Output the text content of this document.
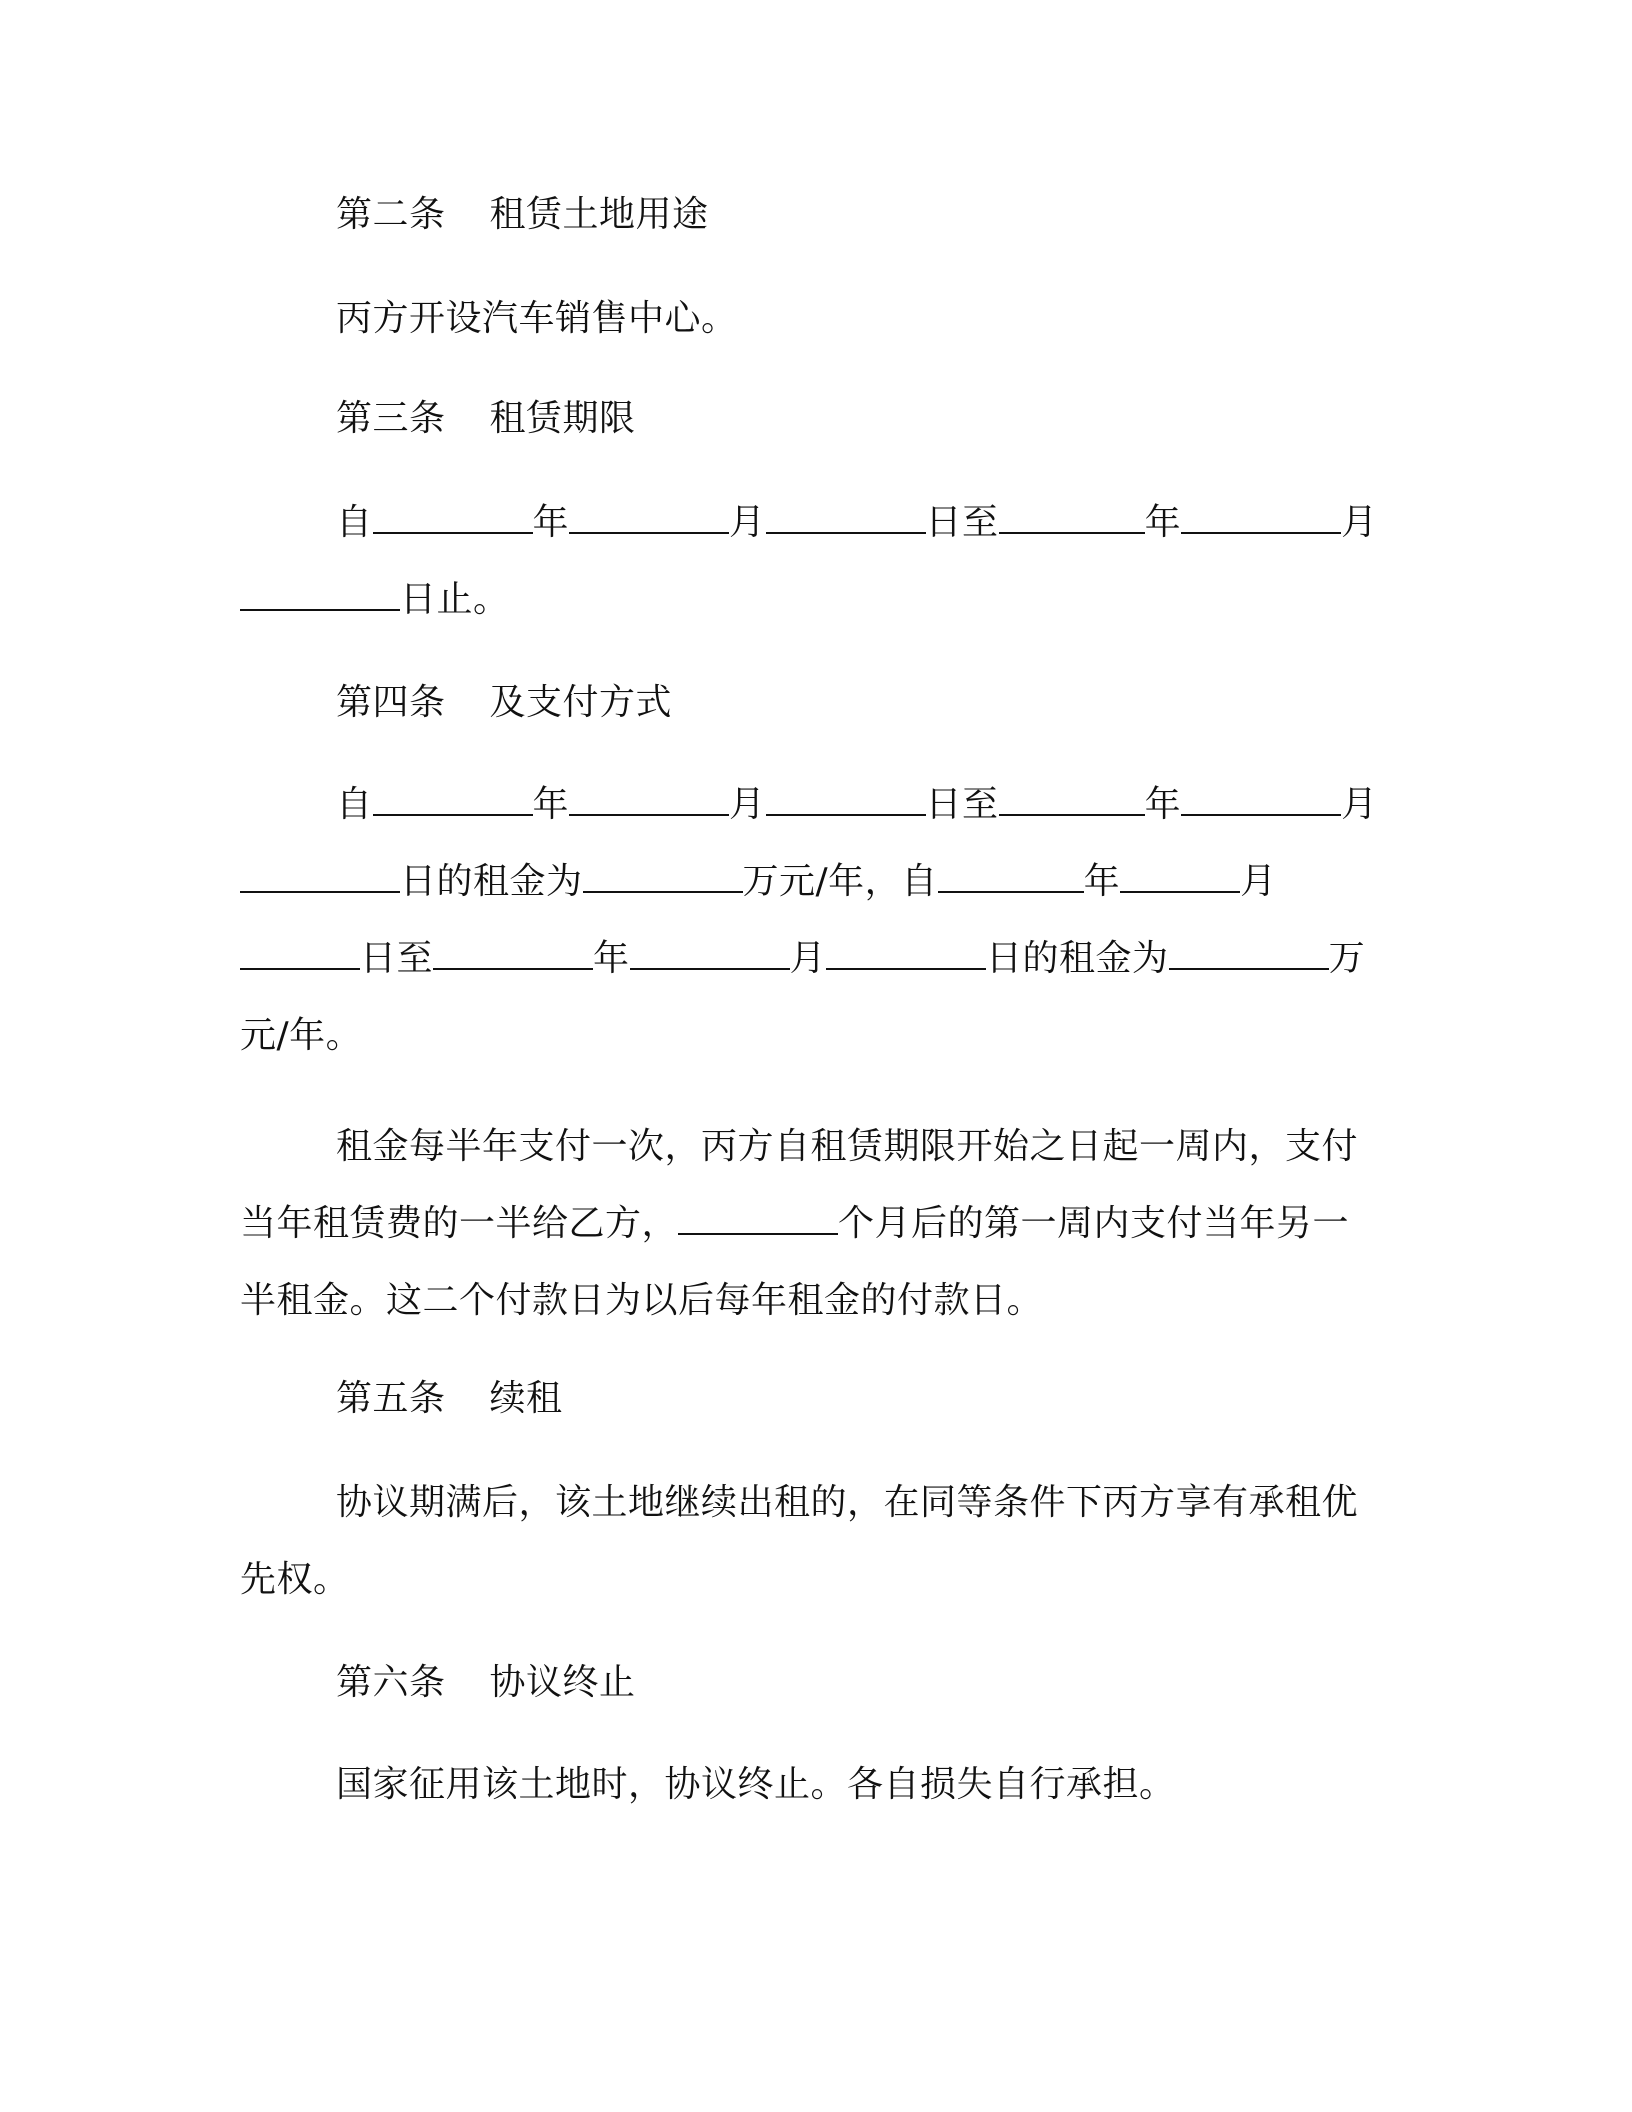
第二条 租赁土地用途

丙方开设汽车销售中心。

第三条 租赁期限

自	年	月	日至	年	月日止。

第四条 及支付方式

自	年	月	日至	年	月日的租金为	万元/年，自	年	月日至	年	月	日的租金为	万元/年。

租金每半年支付一次，丙方自租赁期限开始之日起一周内，支付当年租赁费的一半给乙方，	个月后的第一周内支付当年另一半租金。这二个付款日为以后每年租金的付款日。

第五条 续租

协议期满后，该土地继续出租的，在同等条件下丙方享有承租优先权。

第六条 协议终止

国家征用该土地时，协议终止。各自损失自行承担。
